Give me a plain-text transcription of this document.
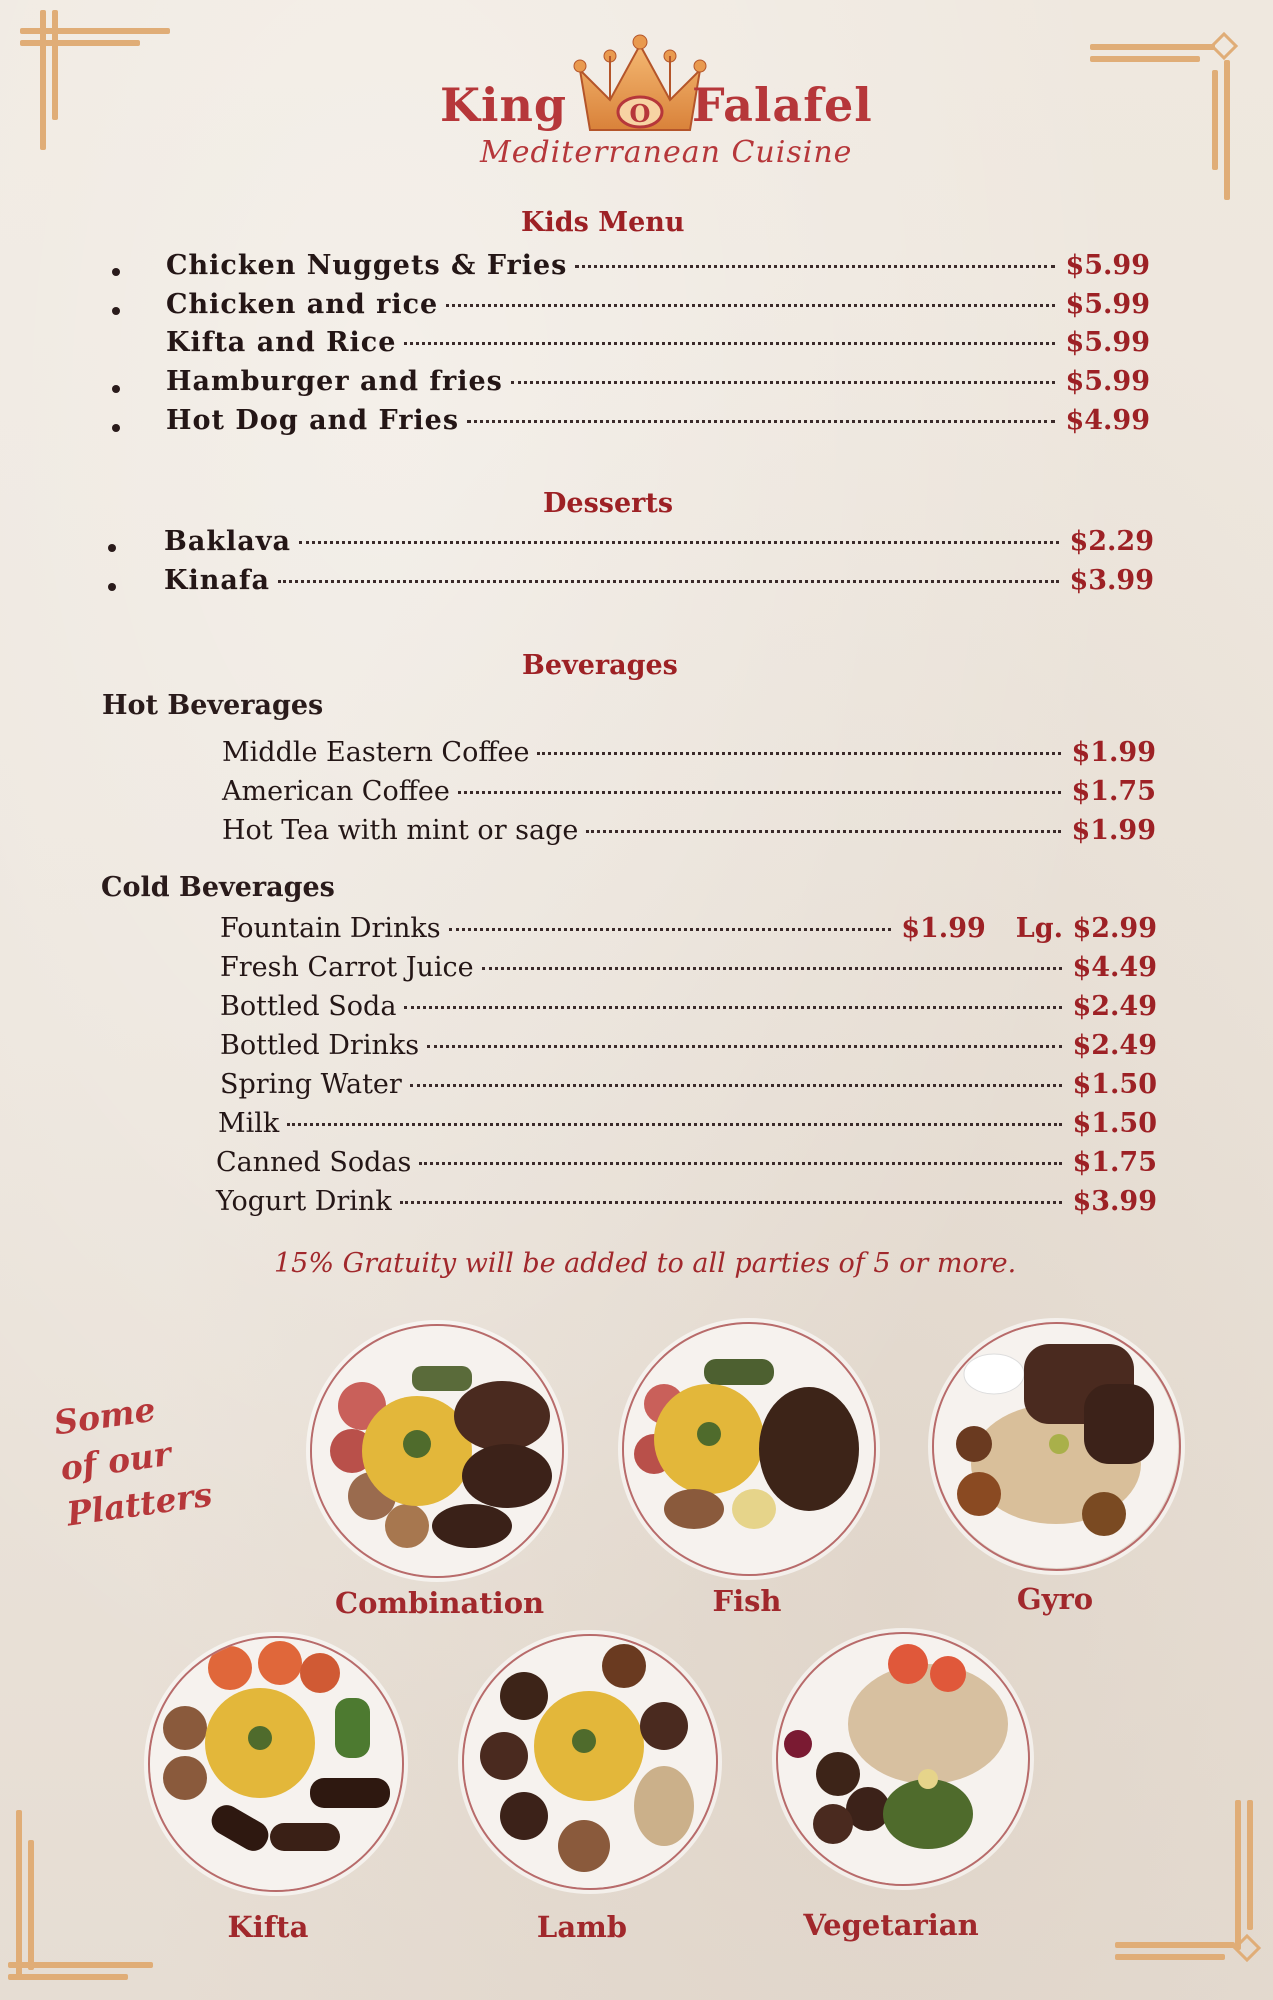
King	O Falafel
Mediterranean Cuisine
Kids Menu
Chicken Nuggets & Fries	$5.99
Chicken and rice	$5.99
Kifta and Rice	$5.99
Hamburger and fries	$5.99
Hot Dog and Fries	$4.99
Desserts
Baklava	$2.29
Kinafa	$3.99
Beverages
Hot Beverages
Middle Eastern Coffee	$1.99
American Coffee	$1.75
Hot Tea with mint or sage	$1.99
Cold Beverages
Fountain Drinks	$1.99 Lg. $2.99
Fresh Carrot Juice	$4.49
Bottled Soda	$2.49
Bottled Drinks	$2.49
Spring Water	$1.50
Milk	$1.50
Canned Sodas	$1.75
Yogurt Drink	$3.99
15% Gratuity will be added to all parties of 5 or more.
Some
of our
Platters
Combination	Fish	Gyro
Kifta	Lamb	Vegetarian
